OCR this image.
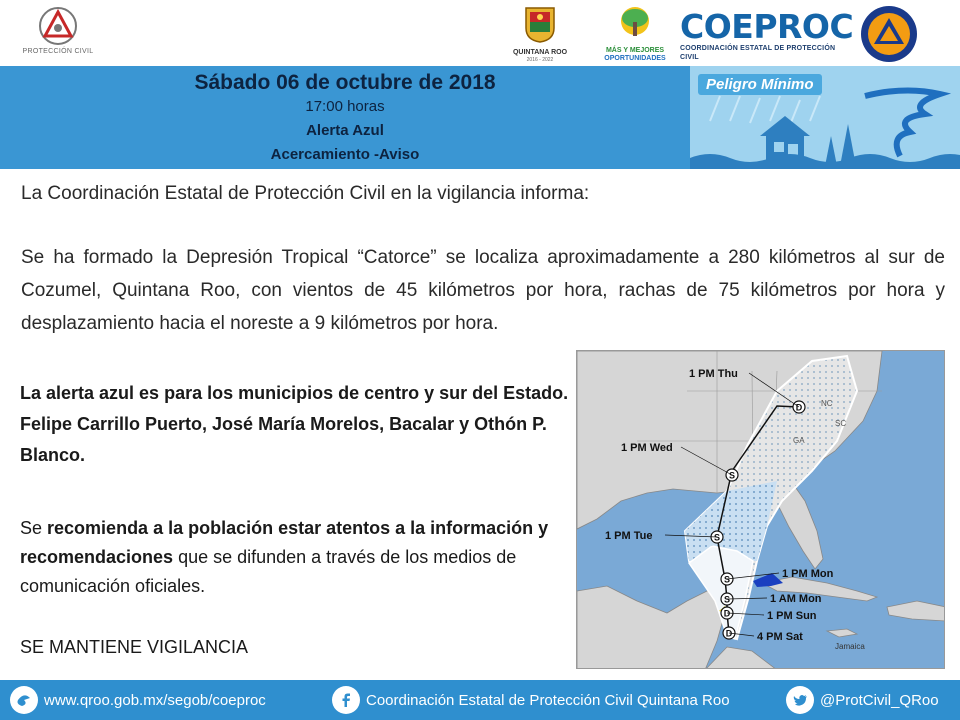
PROTECCIÓN CIVIL	QUINTANA ROO
2016 - 2022
MÁS Y MEJORES
OPORTUNIDADES
COEPROC
COORDINACIÓN ESTATAL DE PROTECCIÓN CIVIL
Sábado 06 de octubre de 2018
17:00 horas
Alerta Azul
Acercamiento -Aviso
Peligro Mínimo
La Coordinación Estatal de Protección Civil en la vigilancia informa:
Se ha formado la Depresión Tropical “Catorce” se localiza aproximadamente a 280 kilómetros al sur de Cozumel, Quintana Roo, con vientos de 45 kilómetros por hora, rachas de 75 kilómetros por hora y desplazamiento hacia el noreste a 9 kilómetros por hora.
La alerta azul es para los municipios de centro y sur del Estado.
Felipe Carrillo Puerto, José María Morelos, Bacalar y Othón P. Blanco.
Se recomienda a la población estar atentos a la información y recomendaciones que se difunden a través de los medios de comunicación oficiales.
SE MANTIENE VIGILANCIA
D
1 PM Thu
S
1 PM Wed
S
1 PM Tue
S	1 PM Mon
S	1 AM Mon
D	1 PM Sun
D 4 PM Sat
NC
SC
GA
Jamaica
www.qroo.gob.mx/segob/coeproc	Coordinación Estatal de Protección Civil Quintana Roo	@ProtCivil_QRoo
